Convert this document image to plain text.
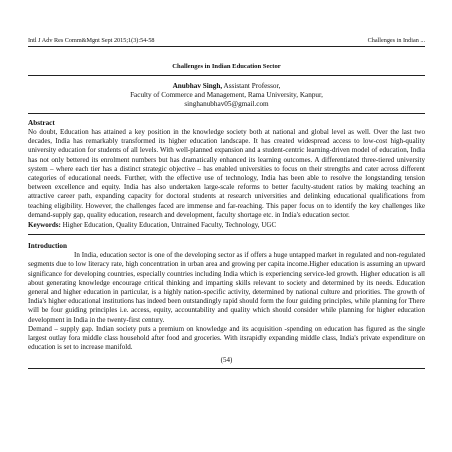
Intl J Adv Res Comm&Mgnt Sept 2015;1(3):54-58	Challenges in Indian ...
Challenges in Indian Education Sector
Anubhav Singh, Assistant Professor,
Faculty of Commerce and Management, Rama University, Kanpur,
singhanubhav05@gmail.com
Abstract

No doubt, Education has attained a key position in the knowledge society both at national and global level as well. Over the last two decades, India has remarkably transformed its higher education landscape. It has created widespread access to low-cost high-quality university education for students of all levels. With well-planned expansion and a student-centric learning-driven model of education, India has not only bettered its enrolment numbers but has dramatically enhanced its learning outcomes. A differentiated three-tiered university system – where each tier has a distinct strategic objective – has enabled universities to focus on their strengths and cater across different categories of educational needs. Further, with the effective use of technology, India has been able to resolve the longstanding tension between excellence and equity. India has also undertaken large-scale reforms to better faculty-student ratios by making teaching an attractive career path, expanding capacity for doctoral students at research universities and delinking educational qualifications from teaching eligibility. However, the challenges faced are immense and far-reaching. This paper focus on to identify the key challenges like demand-supply gap, quality education, research and development, faculty shortage etc. in India's education sector.

Keywords: Higher Education, Quality Education, Untrained Faculty, Technology, UGC
Introduction

In India, education sector is one of the developing sector as if offers a huge untapped market in regulated and non-regulated segments due to low literacy rate, high concentration in urban area and growing per capita income.Higher education is assuming an upward significance for developing countries, especially countries including India which is experiencing service-led growth. Higher education is all about generating knowledge encourage critical thinking and imparting skills relevant to society and determined by its needs. Education general and higher education in particular, is a highly nation-specific activity, determined by national culture and priorities. The growth of India's higher educational institutions has indeed been outstandingly rapid should form the four guiding principles, while planning for There will be four guiding principles i.e. access, equity, accountability and quality which should consider while planning for higher education development in India in the twenty-first century.

Demand – supply gap. Indian society puts a premium on knowledge and its acquisition -spending on education has figured as the single largest outlay fora middle class household after food and groceries. With itsrapidly expanding middle class, India's private expenditure on education is set to increase manifold.

(54)
